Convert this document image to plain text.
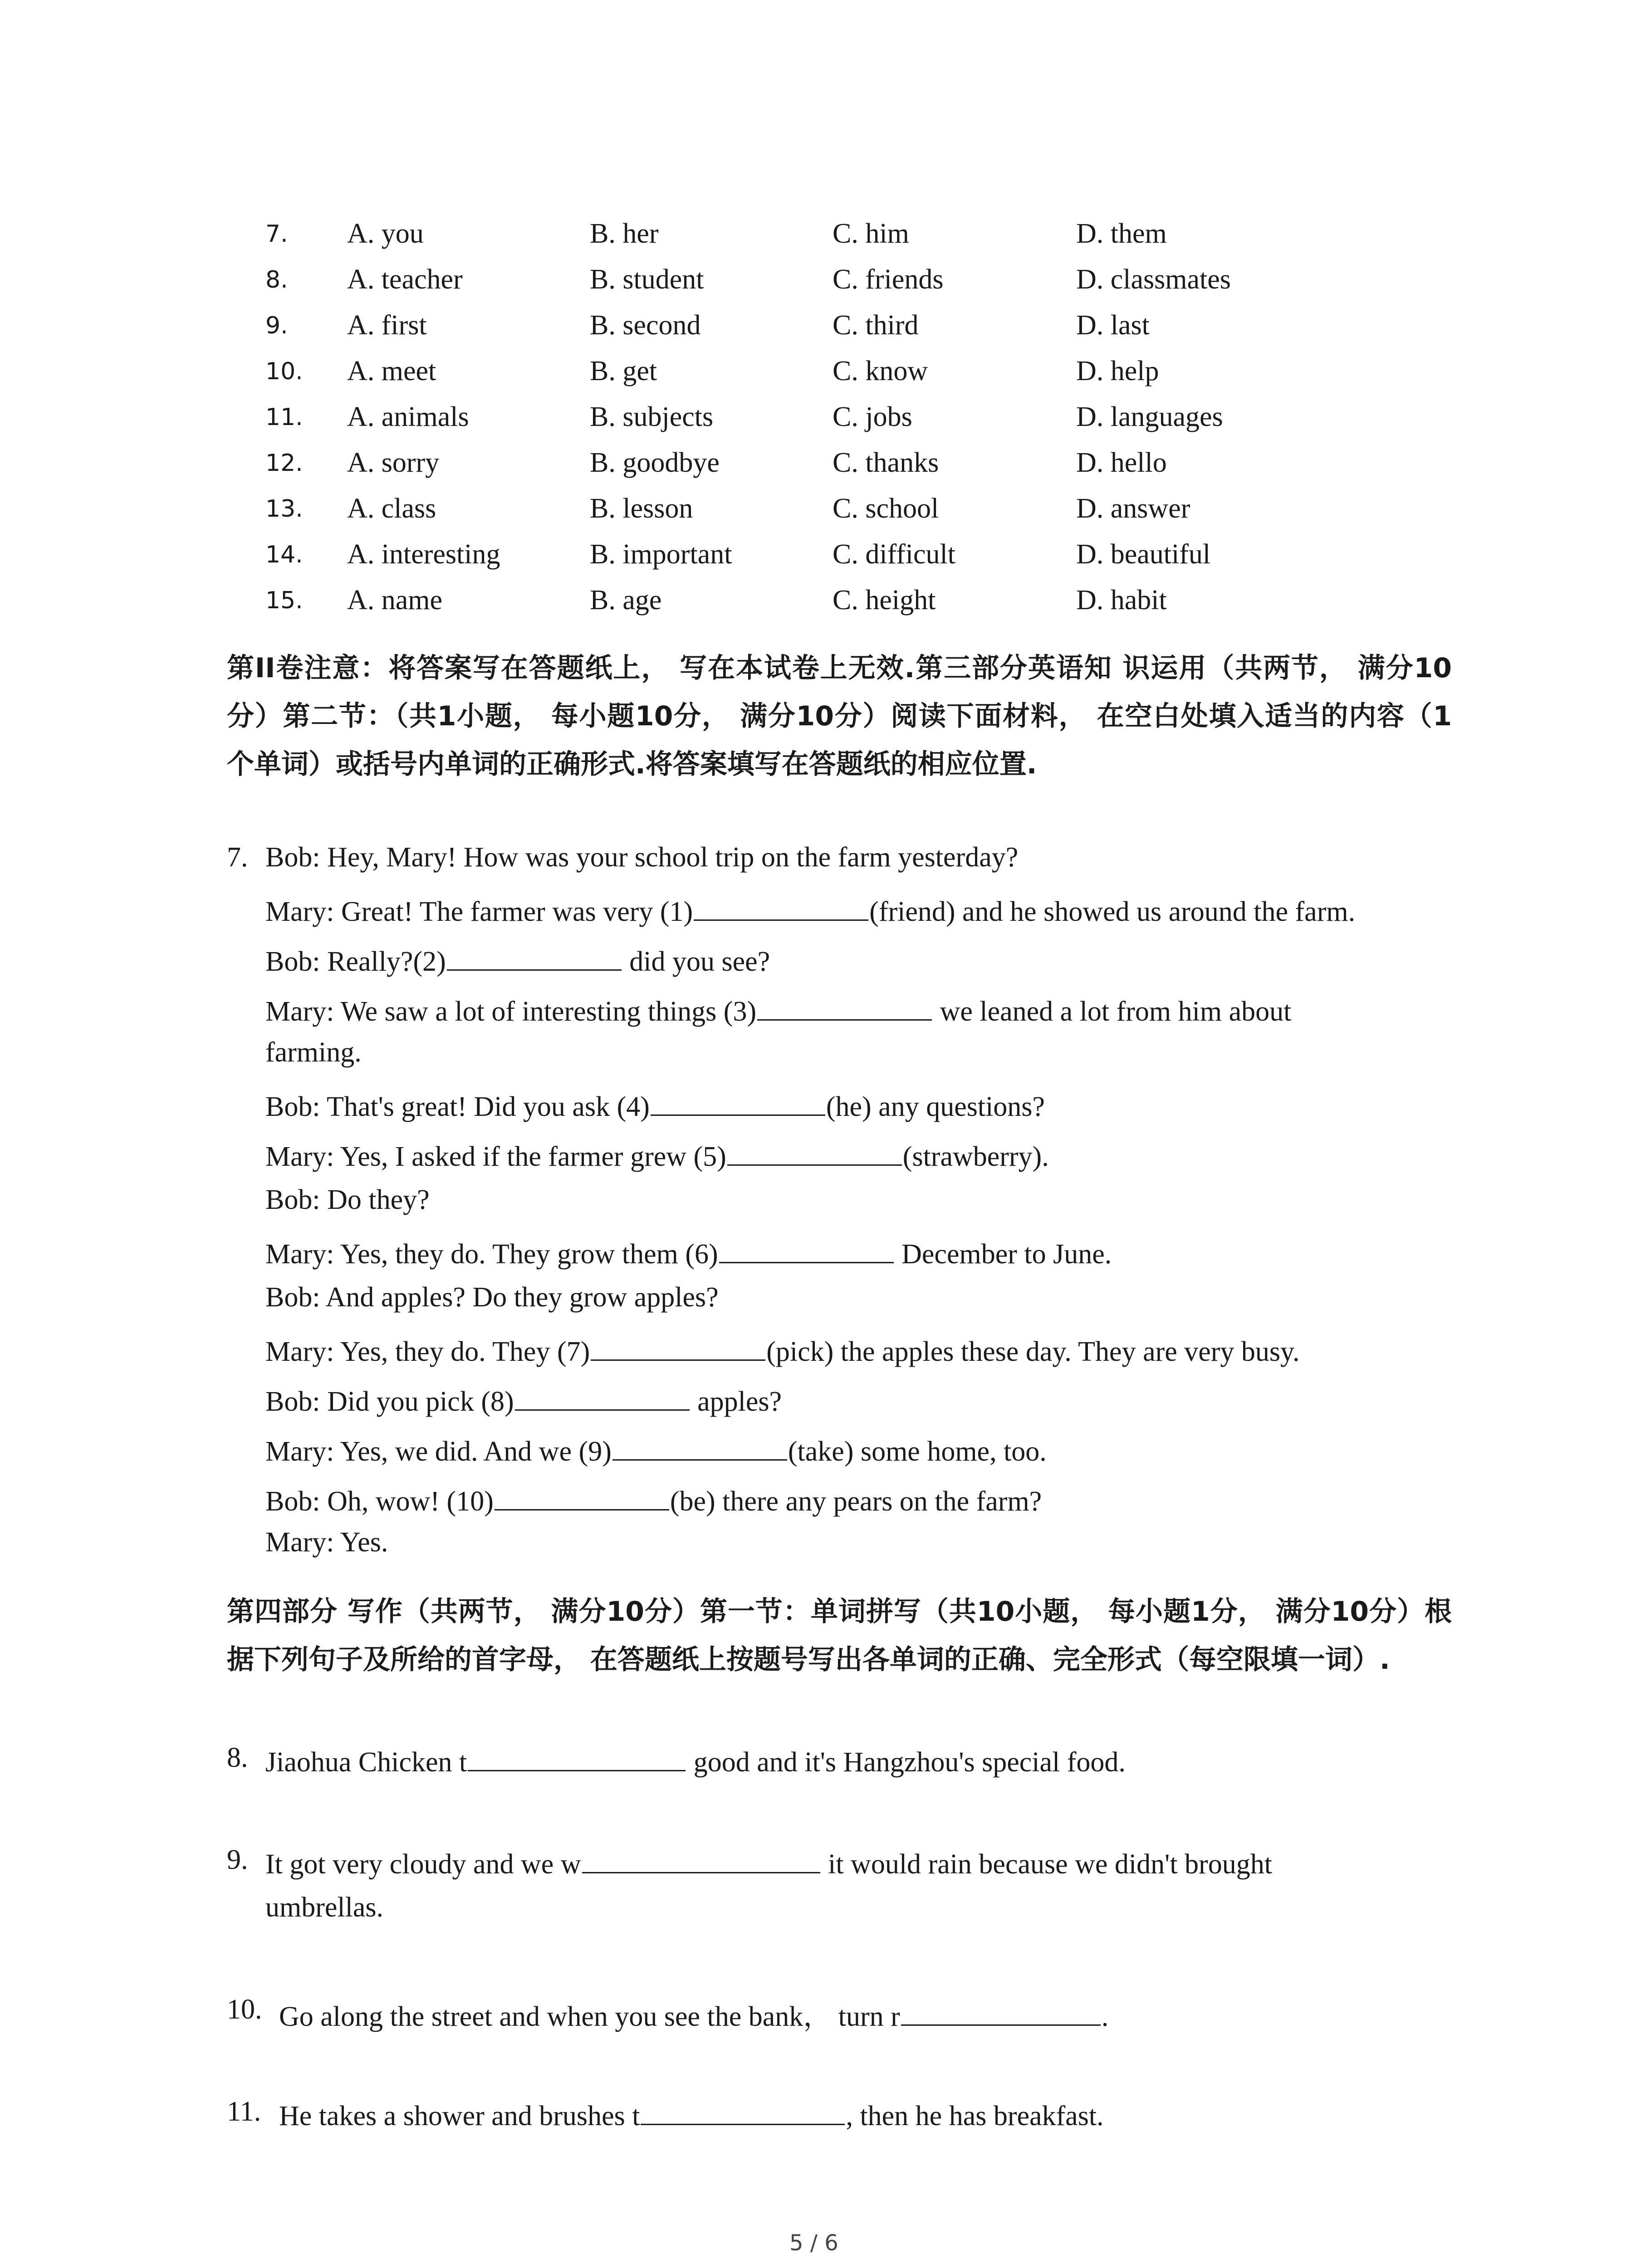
7. A. you	B. her	C. him	D. them
8. A. teacher	B. student	C. friends	D. classmates
9. A. first	B. second	C. third	D. last
10. A. meet	B. get	C. know	D. help
11. A. animals	B. subjects	C. jobs	D. languages
12. A. sorry	B. goodbye	C. thanks	D. hello
13. A. class	B. lesson	C. school	D. answer
14. A. interesting	B. important	C. difficult	D. beautiful
15. A. name	B. age	C. height	D. habit
第II卷注意：将答案写在答题纸上， 写在本试卷上无效.第三部分英语知 识运用（共两节， 满分10分）第二节：（共1小题， 每小题10分， 满分10分）阅读下面材料， 在空白处填入适当的内容（1 个单词）或括号内单词的正确形式.将答案填写在答题纸的相应位置.
7. Bob: Hey, Mary! How was your school trip on the farm yesterday?
Mary: Great! The farmer was very (1)	(friend) and he showed us around the farm.
Bob: Really?(2)	did you see?
Mary: We saw a lot of interesting things (3)	we leaned a lot from him about
farming.
Bob: That's great! Did you ask (4)	(he) any questions?
Mary: Yes, I asked if the farmer grew (5)	(strawberry).
Bob: Do they?
Mary: Yes, they do. They grow them (6)	December to June.
Bob: And apples? Do they grow apples?
Mary: Yes, they do. They (7)	(pick) the apples these day. They are very busy.
Bob: Did you pick (8)	apples?
Mary: Yes, we did. And we (9)	(take) some home, too.
Bob: Oh, wow! (10)	(be) there any pears on the farm?
Mary: Yes.
第四部分 写作（共两节， 满分10分）第一节：单词拼写（共10小题， 每小题1分， 满分10分）根据下列句子及所给的首字母， 在答题纸上按题号写出各单词的正确、完全形式（每空限填一词）.
8. Jiaohua Chicken t	good and it's Hangzhou's special food.
9. It got very cloudy and we w	it would rain because we didn't brought
umbrellas.
10. Go along the street and when you see the bank， turn r	.
11. He takes a shower and brushes t	, then he has breakfast.
5 / 6
